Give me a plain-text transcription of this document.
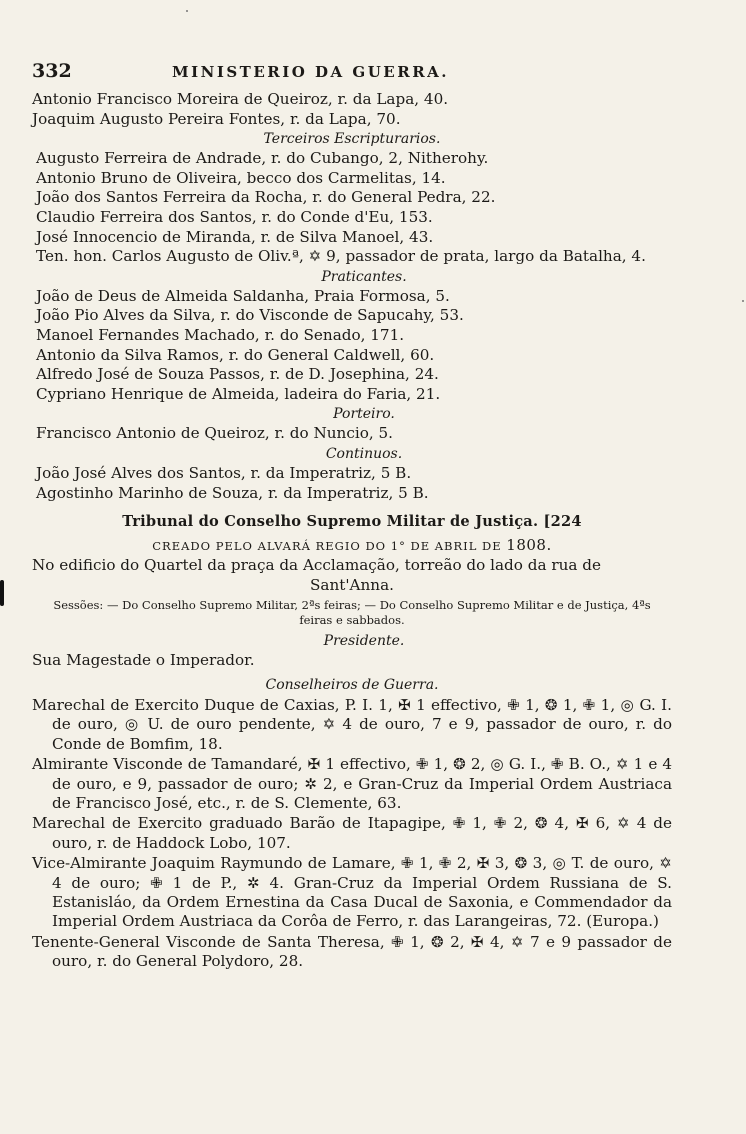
332	MINISTERIO DA GUERRA.
Antonio Francisco Moreira de Queiroz, r. da Lapa, 40.
Joaquim Augusto Pereira Fontes, r. da Lapa, 70.
Terceiros Escripturarios.
Augusto Ferreira de Andrade, r. do Cubango, 2, Nitherohy.
Antonio Bruno de Oliveira, becco dos Carmelitas, 14.
João dos Santos Ferreira da Rocha, r. do General Pedra, 22.
Claudio Ferreira dos Santos, r. do Conde d'Eu, 153.
José Innocencio de Miranda, r. de Silva Manoel, 43.
Ten. hon. Carlos Augusto de Oliv.ª, ✡ 9, passador de prata, largo da Batalha, 4.
Praticantes.
João de Deus de Almeida Saldanha, Praia Formosa, 5.
João Pio Alves da Silva, r. do Visconde de Sapucahy, 53.
Manoel Fernandes Machado, r. do Senado, 171.
Antonio da Silva Ramos, r. do General Caldwell, 60.
Alfredo José de Souza Passos, r. de D. Josephina, 24.
Cypriano Henrique de Almeida, ladeira do Faria, 21.
Porteiro.
Francisco Antonio de Queiroz, r. do Nuncio, 5.
Continuos.
João José Alves dos Santos, r. da Imperatriz, 5 B.
Agostinho Marinho de Souza, r. da Imperatriz, 5 B.
Tribunal do Conselho Supremo Militar de Justiça. [224
CREADO PELO ALVARÁ REGIO DO 1° DE ABRIL DE 1808.
No edificio do Quartel da praça da Acclamação, torreão do lado da rua de
Sant'Anna.
Sessões: — Do Conselho Supremo Militar, 2ªs feiras; — Do Conselho Supremo Militar e de Justiça, 4ªs feiras e sabbados.
Presidente.
Sua Magestade o Imperador.
Conselheiros de Guerra.
Marechal de Exercito Duque de Caxias, P. I. 1, ✠ 1 effectivo, ✙ 1, ❂ 1, ✙ 1, ◎ G. I. de ouro, ◎ U. de ouro pendente, ✡ 4 de ouro, 7 e 9, passador de ouro, r. do Conde de Bomfim, 18.
Almirante Visconde de Tamandaré, ✠ 1 effectivo, ✙ 1, ❂ 2, ◎ G. I., ✙ B. O., ✡ 1 e 4 de ouro, e 9, passador de ouro; ✲ 2, e Gran-Cruz da Imperial Ordem Austriaca de Francisco José, etc., r. de S. Clemente, 63.
Marechal de Exercito graduado Barão de Itapagipe, ✙ 1, ✙ 2, ❂ 4, ✠ 6, ✡ 4 de ouro, r. de Haddock Lobo, 107.
Vice-Almirante Joaquim Raymundo de Lamare, ✙ 1, ✙ 2, ✠ 3, ❂ 3, ◎ T. de ouro, ✡ 4 de ouro; ✙ 1 de P., ✲ 4. Gran-Cruz da Imperial Ordem Russiana de S. Estanisláo, da Ordem Ernestina da Casa Ducal de Saxonia, e Commendador da Imperial Ordem Austriaca da Corôa de Ferro, r. das Larangeiras, 72. (Europa.)
Tenente-General Visconde de Santa Theresa, ✙ 1, ❂ 2, ✠ 4, ✡ 7 e 9 passador de ouro, r. do General Polydoro, 28.
